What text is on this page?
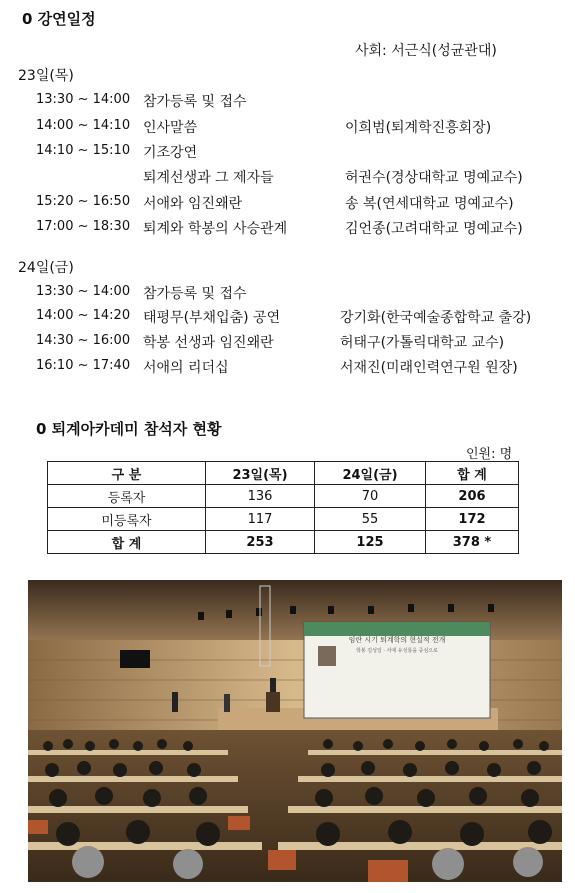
0 강연일정
사회: 서근식(성균관대)
23일(목)
13:30 ~ 14:00 참가등록 및 접수
14:00 ~ 14:10 인사말씀	이희범(퇴계학진흥회장)
14:10 ~ 15:10 기조강연
퇴계선생과 그 제자들	허권수(경상대학교 명예교수)
15:20 ~ 16:50 서애와 임진왜란	송 복(연세대학교 명예교수)
17:00 ~ 18:30 퇴계와 학봉의 사승관계	김언종(고려대학교 명예교수)
24일(금)
13:30 ~ 14:00 참가등록 및 접수
14:00 ~ 14:20 태평무(부채입춤) 공연	강기화(한국예술종합학교 출강)
14:30 ~ 16:00 학봉 선생과 임진왜란	허태구(가톨릭대학교 교수)
16:10 ~ 17:40 서애의 리더십	서재진(미래인력연구원 원장)
0 퇴계아카데미 참석자 현황
인원: 명
구 분	23일(목)	24일(금)	합 계
등록자	136	70	206
미등록자	117	55	172
합 계	253	125	378 *
임란 시기 퇴계학의 현실적 전개
학봉 김성일 · 서애 유성룡을 중심으로
